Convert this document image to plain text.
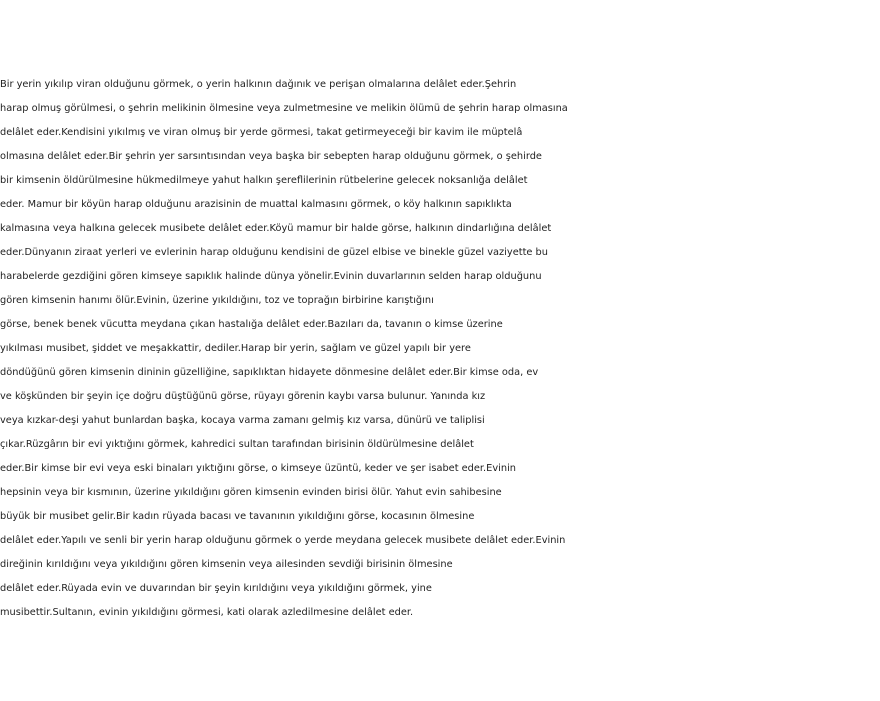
Bir yerin yıkılıp viran olduğunu görmek, o yerin halkının dağınık ve perişan olmalarına delâlet eder.Şehrin
harap olmuş görülmesi, o şehrin melikinin ölmesine veya zulmetmesine ve melikin ölümü de şehrin harap olmasına
delâlet eder.Kendisini yıkılmış ve viran olmuş bir yerde görmesi, takat getirmeyeceği bir kavim ile müptelâ
olmasına delâlet eder.Bir şehrin yer sarsıntısından veya başka bir sebepten harap olduğunu görmek, o şehirde
bir kimsenin öldürülmesine hükmedilmeye yahut halkın şereflilerinin rütbelerine gelecek noksanlığa delâlet
eder. Mamur bir köyün harap olduğunu arazisinin de muattal kalmasını görmek, o köy halkının sapıklıkta
kalmasına veya halkına gelecek musibete delâlet eder.Köyü mamur bir halde görse, halkının dindarlığına delâlet
eder.Dünyanın ziraat yerleri ve evlerinin harap olduğunu kendisini de güzel elbise ve binekle güzel vaziyette bu
harabelerde gezdiğini gören kimseye sapıklık halinde dünya yönelir.Evinin duvarlarının selden harap olduğunu
gören kimsenin hanımı ölür.Evinin, üzerine yıkıldığını, toz ve toprağın birbirine karıştığını
görse, benek benek vücutta meydana çıkan hastalığa delâlet eder.Bazıları da, tavanın o kimse üzerine
yıkılması musibet, şiddet ve meşakkattir, dediler.Harap bir yerin, sağlam ve güzel yapılı bir yere
döndüğünü gören kimsenin dininin güzelliğine, sapıklıktan hidayete dönmesine delâlet eder.Bir kimse oda, ev
ve köşkünden bir şeyin içe doğru düştüğünü görse, rüyayı görenin kaybı varsa bulunur. Yanında kız
veya kızkar-deşi yahut bunlardan başka, kocaya varma zamanı gelmiş kız varsa, dünürü ve taliplisi
çıkar.Rüzgârın bir evi yıktığını görmek, kahredici sultan tarafından birisinin öldürülmesine delâlet
eder.Bir kimse bir evi veya eski binaları yıktığını görse, o kimseye üzüntü, keder ve şer isabet eder.Evinin
hepsinin veya bir kısmının, üzerine yıkıldığını gören kimsenin evinden birisi ölür. Yahut evin sahibesine
büyük bir musibet gelir.Bir kadın rüyada bacası ve tavanının yıkıldığını görse, kocasının ölmesine
delâlet eder.Yapılı ve senli bir yerin harap olduğunu görmek o yerde meydana gelecek musibete delâlet eder.Evinin
direğinin kırıldığını veya yıkıldığını gören kimsenin veya ailesinden sevdiği birisinin ölmesine
delâlet eder.Rüyada evin ve duvarından bir şeyin kırıldığını veya yıkıldığını görmek, yine
musibettir.Sultanın, evinin yıkıldığını görmesi, kati olarak azledilmesine delâlet eder.
